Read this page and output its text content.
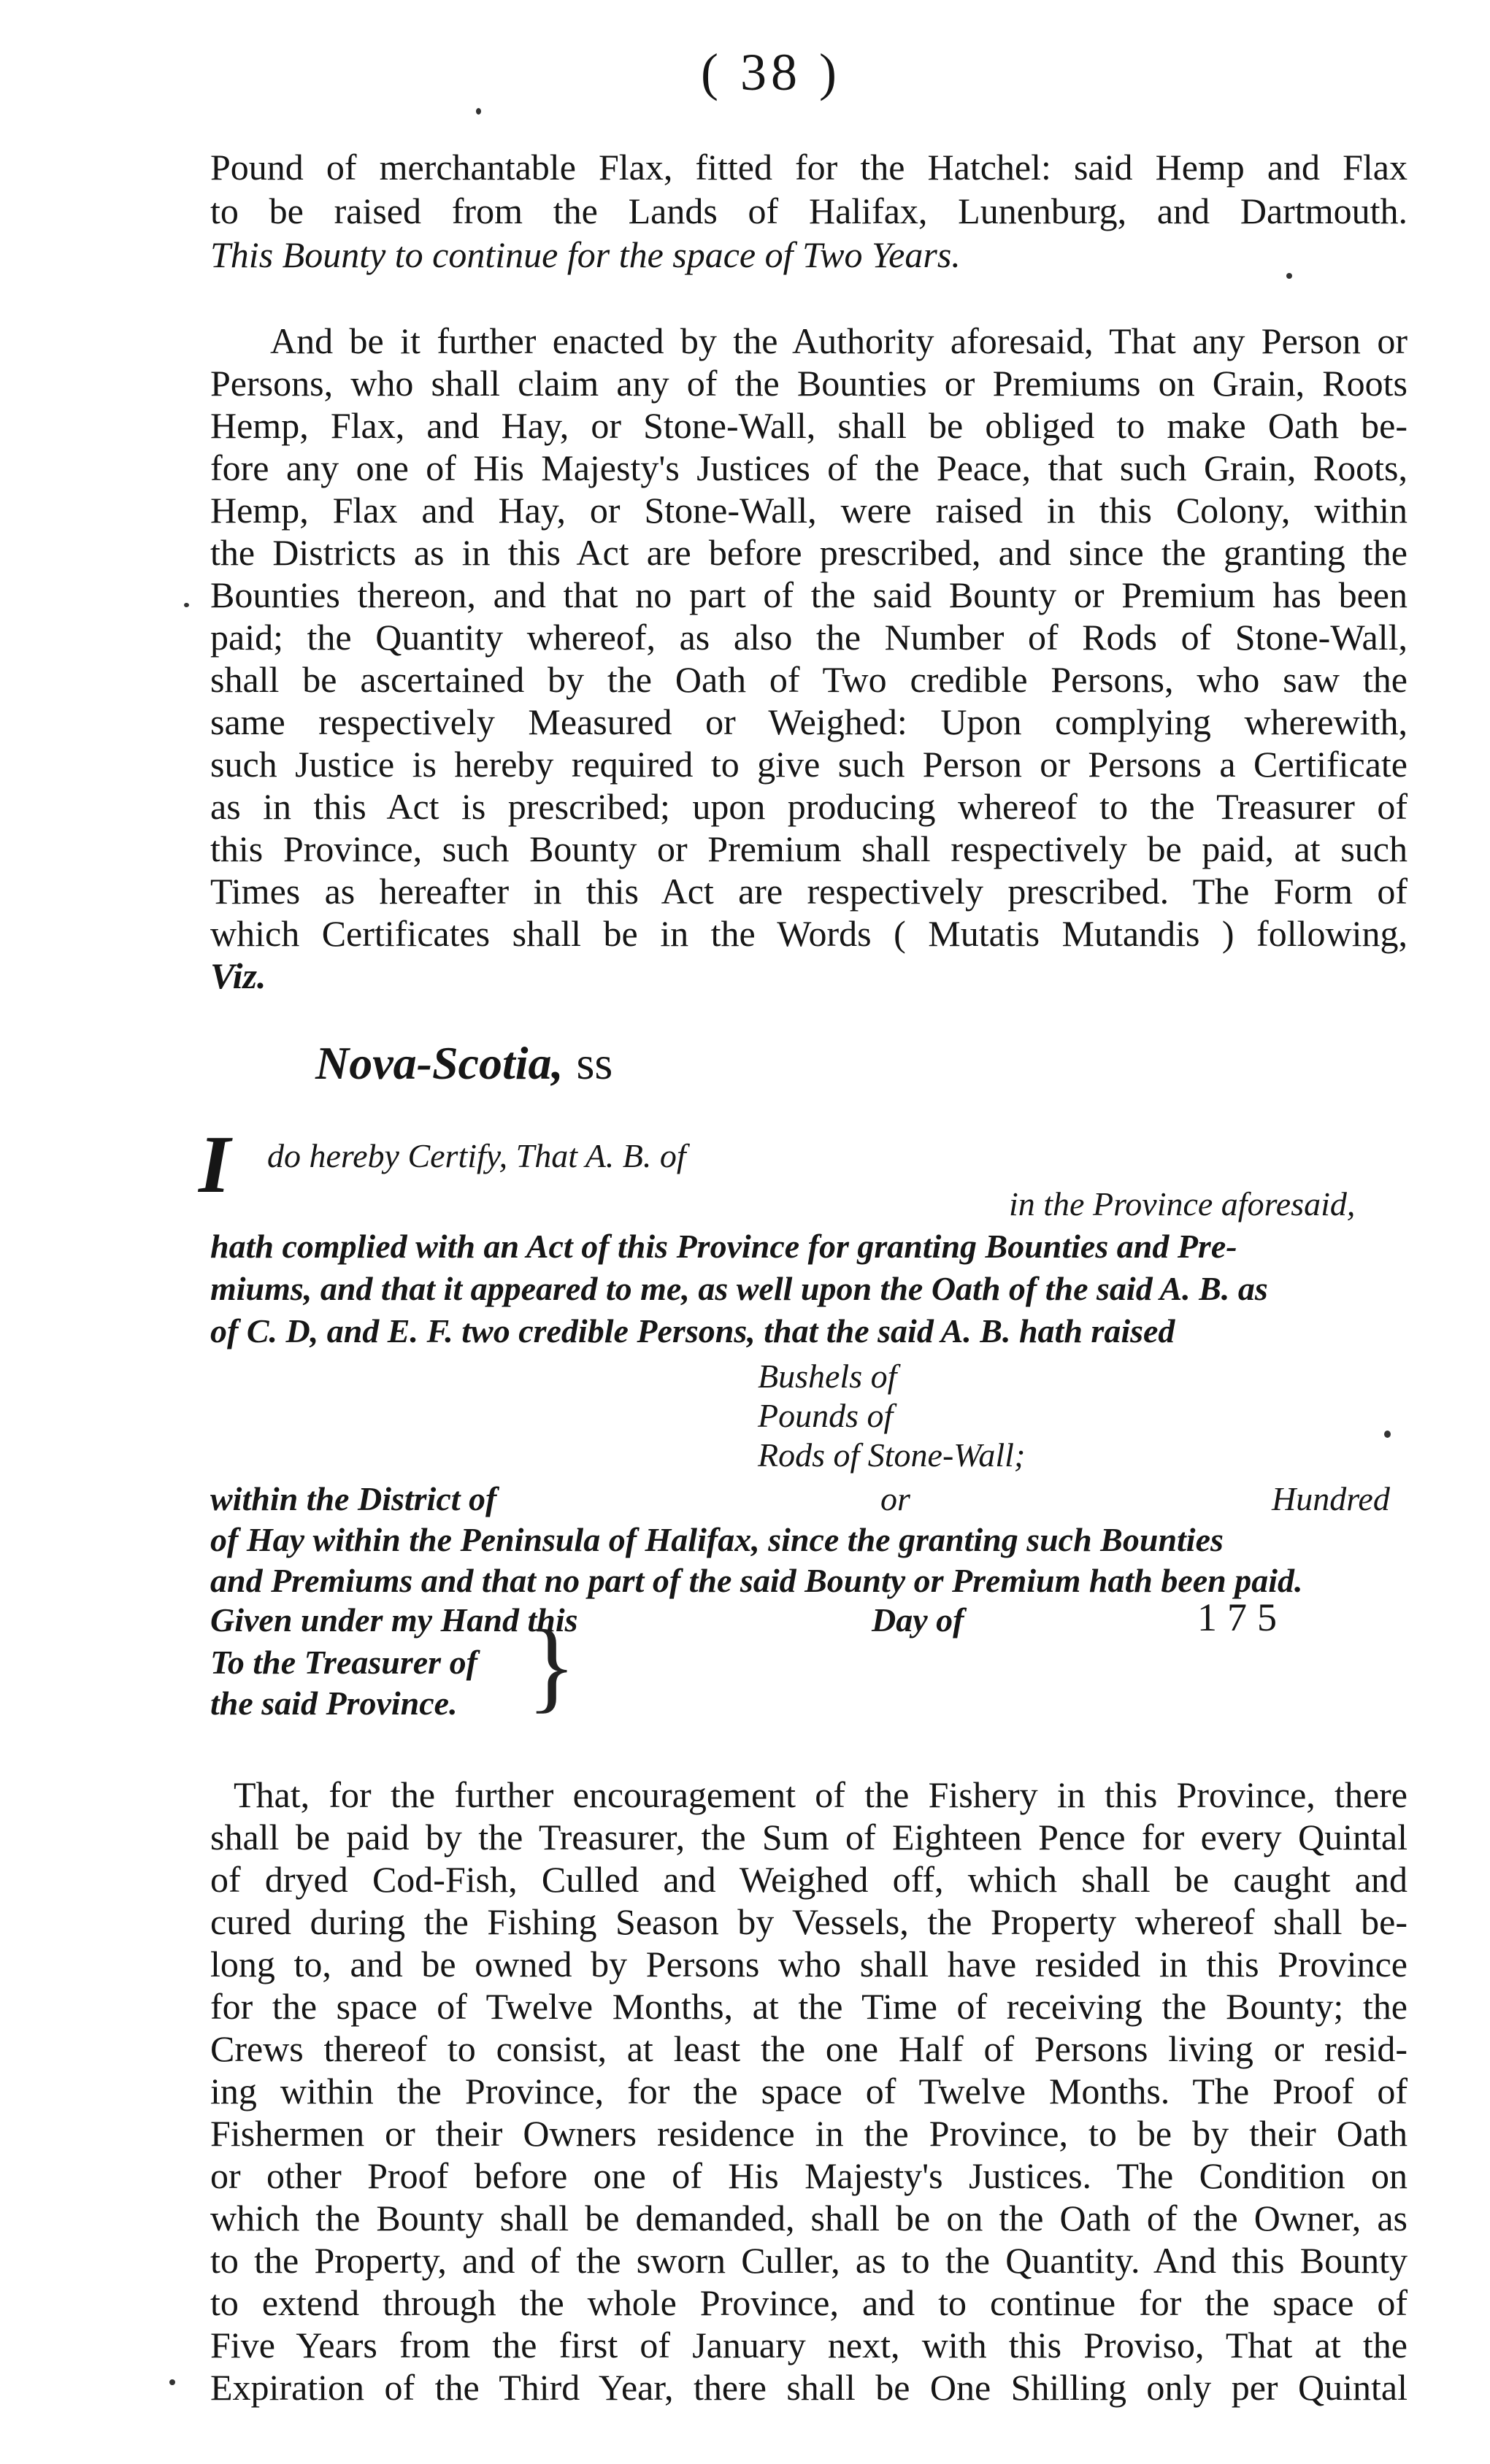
( 38 )
Pound of merchantable Flax, fitted for the Hatchel: said Hemp and Flax
to be raised from the Lands of Halifax, Lunenburg, and Dartmouth.
This Bounty to continue for the space of Two Years.
And be it further enacted by the Authority aforesaid, That any Person or
Persons, who shall claim any of the Bounties or Premiums on Grain, Roots
Hemp, Flax, and Hay, or Stone-Wall, shall be obliged to make Oath be-
fore any one of His Majesty's Justices of the Peace, that such Grain, Roots,
Hemp, Flax and Hay, or Stone-Wall, were raised in this Colony, within
the Districts as in this Act are before prescribed, and since the granting the
Bounties thereon, and that no part of the said Bounty or Premium has been
paid; the Quantity whereof, as also the Number of Rods of Stone-Wall,
shall be ascertained by the Oath of Two credible Persons, who saw the
same respectively Measured or Weighed: Upon complying wherewith,
such Justice is hereby required to give such Person or Persons a Certificate
as in this Act is prescribed; upon producing whereof to the Treasurer of
this Province, such Bounty or Premium shall respectively be paid, at such
Times as hereafter in this Act are respectively prescribed. The Form of
which Certificates shall be in the Words ( Mutatis Mutandis ) following,
Viz.
Nova-Scotia, ss
I do hereby Certify, That A. B. of
in the Province aforesaid,
hath complied with an Act of this Province for granting Bounties and Pre-
miums, and that it appeared to me, as well upon the Oath of the said A. B. as
of C. D, and E. F. two credible Persons, that the said A. B. hath raised
Bushels of
Pounds of
Rods of Stone-Wall;
within the District of	or	Hundred
of Hay within the Peninsula of Halifax, since the granting such Bounties
and Premiums and that no part of the said Bounty or Premium hath been paid.
Given under my Hand this	Day of	175
To the Treasurer of
the said Province. }
That, for the further encouragement of the Fishery in this Province, there
shall be paid by the Treasurer, the Sum of Eighteen Pence for every Quintal
of dryed Cod-Fish, Culled and Weighed off, which shall be caught and
cured during the Fishing Season by Vessels, the Property whereof shall be-
long to, and be owned by Persons who shall have resided in this Province
for the space of Twelve Months, at the Time of receiving the Bounty; the
Crews thereof to consist, at least the one Half of Persons living or resid-
ing within the Province, for the space of Twelve Months. The Proof of
Fishermen or their Owners residence in the Province, to be by their Oath
or other Proof before one of His Majesty's Justices. The Condition on
which the Bounty shall be demanded, shall be on the Oath of the Owner, as
to the Property, and of the sworn Culler, as to the Quantity. And this Bounty
to extend through the whole Province, and to continue for the space of
Five Years from the first of January next, with this Proviso, That at the
Expiration of the Third Year, there shall be One Shilling only per Quintal
